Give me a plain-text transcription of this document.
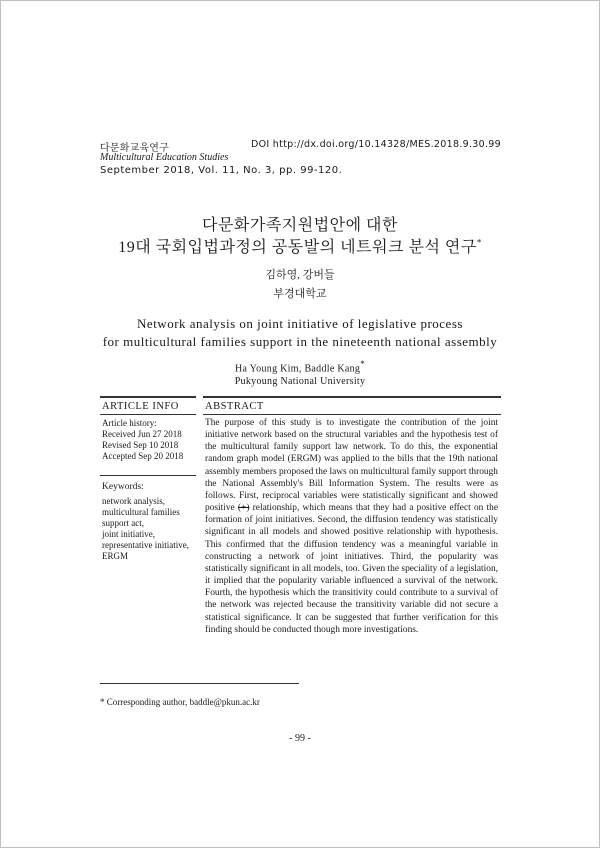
다문화교육연구	DOI http://dx.doi.org/10.14328/MES.2018.9.30.99
Multicultural Education Studies
September 2018, Vol. 11, No. 3, pp. 99-120.
다문화가족지원법안에 대한
19대 국회입법과정의 공동발의 네트워크 분석 연구*
김하영, 강버들
부경대학교
Network analysis on joint initiative of legislative process
for multicultural families support in the nineteenth national assembly
Ha Young Kim, Baddle Kang*
Pukyoung National University
ARTICLE INFO ABSTRACT
Article history:
Received Jun 27 2018
Revised Sep 10 2018
Accepted Sep 20 2018
Keywords:
network analysis,
multicultural families
support act,
joint initiative,
representative initiative,
ERGM
The purpose of this study is to investigate the contribution of the joint initiative network based on the structural variables and the hypothesis test of the multicultural family support law network. To do this, the exponential random graph model (ERGM) was applied to the bills that the 19th national assembly members proposed the laws on multicultural family support through the National Assembly's Bill Information System. The results were as follows. First, reciprocal variables were statistically significant and showed positive (+) relationship, which means that they had a positive effect on the formation of joint initiatives. Second, the diffusion tendency was statistically significant in all models and showed positive relationship with hypothesis. This confirmed that the diffusion tendency was a meaningful variable in constructing a network of joint initiatives. Third, the popularity was statistically significant in all models, too. Given the speciality of a legislation, it implied that the popularity variable influenced a survival of the network. Fourth, the hypothesis which the transitivity could contribute to a survival of the network was rejected because the transitivity variable did not secure a statistical significance. It can be suggested that further verification for this finding should be conducted though more investigations.
* Corresponding author, baddle@pkun.ac.kr
- 99 -
